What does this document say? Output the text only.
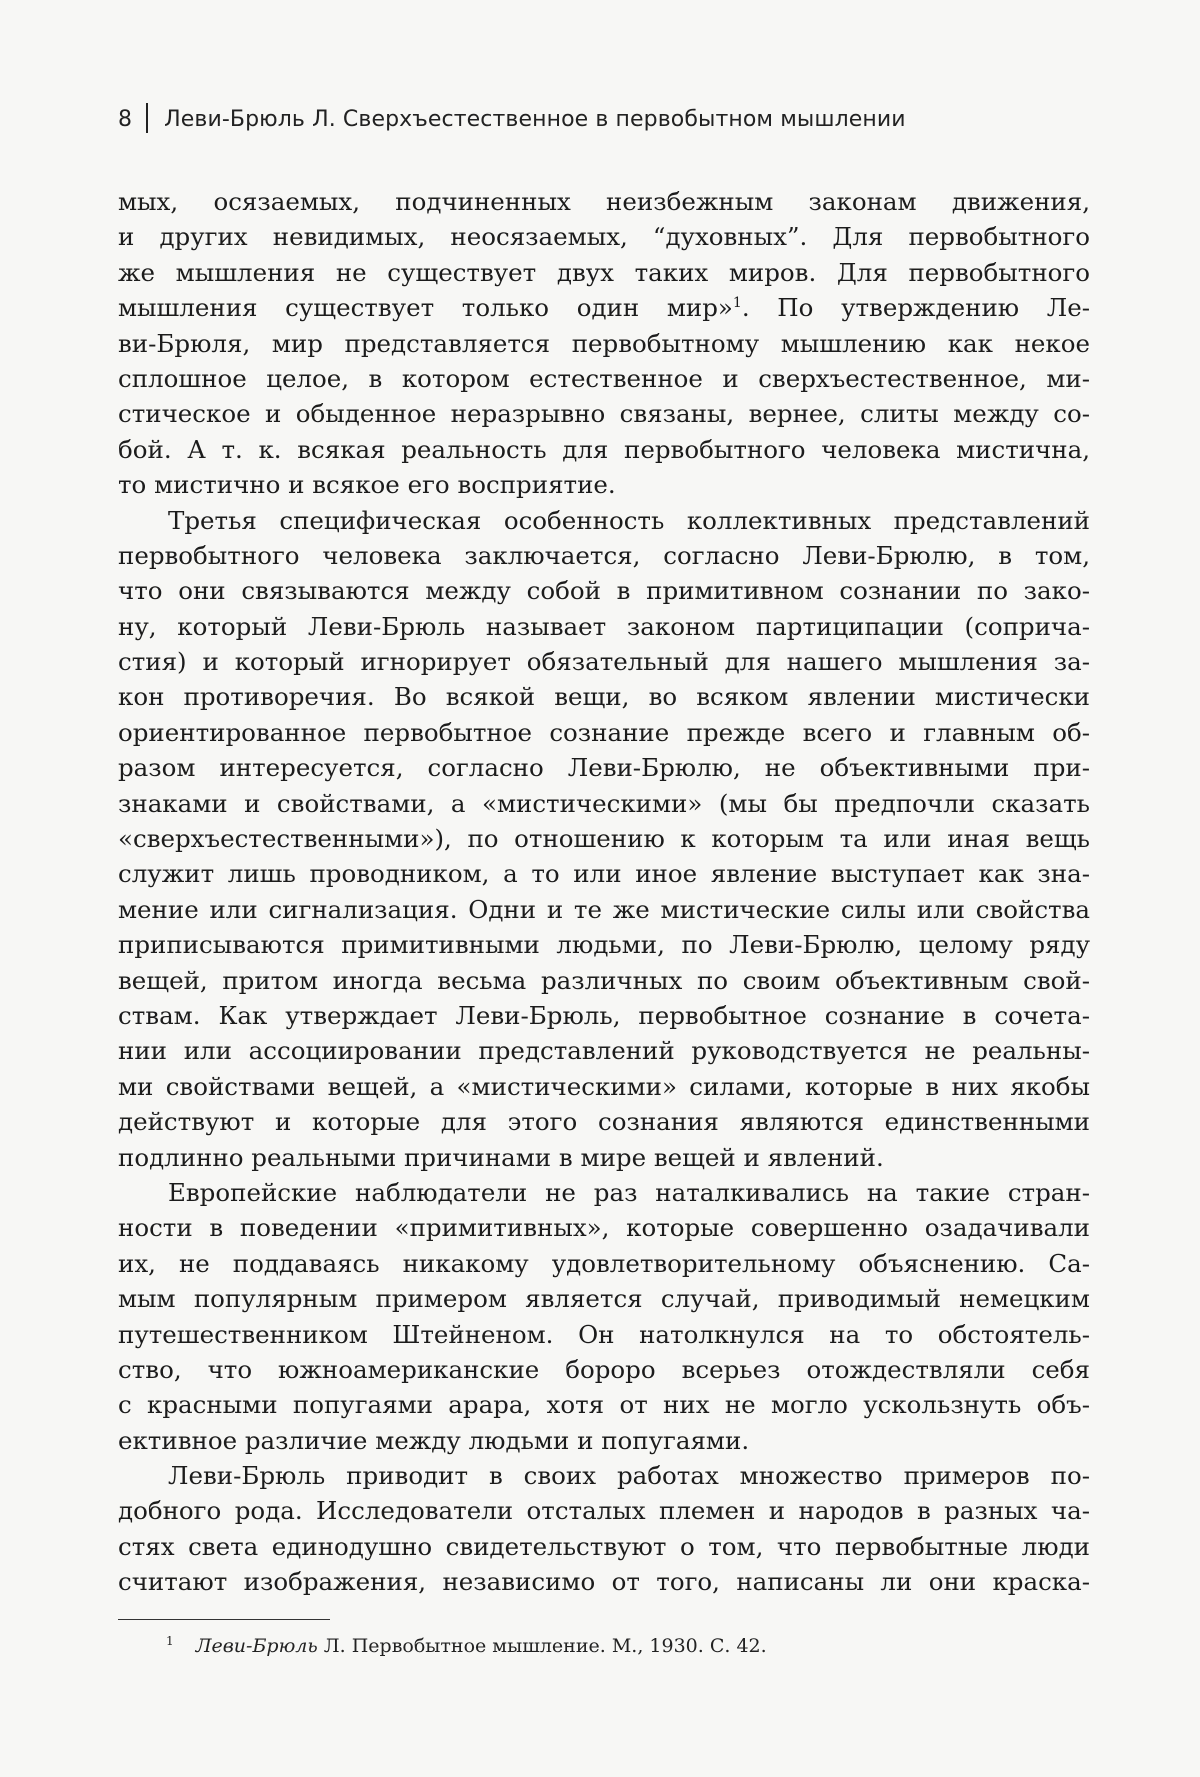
8 Леви-Брюль Л. Сверхъестественное в первобытном мышлении
мых, осязаемых, подчиненных неизбежным законам движения,
и других невидимых, неосязаемых, “духовных”. Для первобытного
же мышления не существует двух таких миров. Для первобытного
мышления существует только один мир»$^1$. По утверждению Ле-
ви-Брюля, мир представляется первобытному мышлению как некое
сплошное целое, в котором естественное и сверхъестественное, ми-
стическое и обыденное неразрывно связаны, вернее, слиты между со-
бой. А т. к. всякая реальность для первобытного человека мистична,
то мистично и всякое его восприятие.
Третья специфическая особенность коллективных представлений
первобытного человека заключается, согласно Леви-Брюлю, в том,
что они связываются между собой в примитивном сознании по зако-
ну, который Леви-Брюль называет законом партиципации (соприча-
стия) и который игнорирует обязательный для нашего мышления за-
кон противоречия. Во всякой вещи, во всяком явлении мистически
ориентированное первобытное сознание прежде всего и главным об-
разом интересуется, согласно Леви-Брюлю, не объективными при-
знаками и свойствами, а «мистическими» (мы бы предпочли сказать
«сверхъестественными»), по отношению к которым та или иная вещь
служит лишь проводником, а то или иное явление выступает как зна-
мение или сигнализация. Одни и те же мистические силы или свойства
приписываются примитивными людьми, по Леви-Брюлю, целому ряду
вещей, притом иногда весьма различных по своим объективным свой-
ствам. Как утверждает Леви-Брюль, первобытное сознание в сочета-
нии или ассоциировании представлений руководствуется не реальны-
ми свойствами вещей, а «мистическими» силами, которые в них якобы
действуют и которые для этого сознания являются единственными
подлинно реальными причинами в мире вещей и явлений.
Европейские наблюдатели не раз наталкивались на такие стран-
ности в поведении «примитивных», которые совершенно озадачивали
их, не поддаваясь никакому удовлетворительному объяснению. Са-
мым популярным примером является случай, приводимый немецким
путешественником Штейненом. Он натолкнулся на то обстоятель-
ство, что южноамериканские бороро всерьез отождествляли себя
с красными попугаями арара, хотя от них не могло ускользнуть объ-
ективное различие между людьми и попугаями.
Леви-Брюль приводит в своих работах множество примеров по-
добного рода. Исследователи отсталых племен и народов в разных ча-
стях света единодушно свидетельствуют о том, что первобытные люди
считают изображения, независимо от того, написаны ли они краска-
$^1$ Леви-Брюль Л. Первобытное мышление. М., 1930. С. 42.
